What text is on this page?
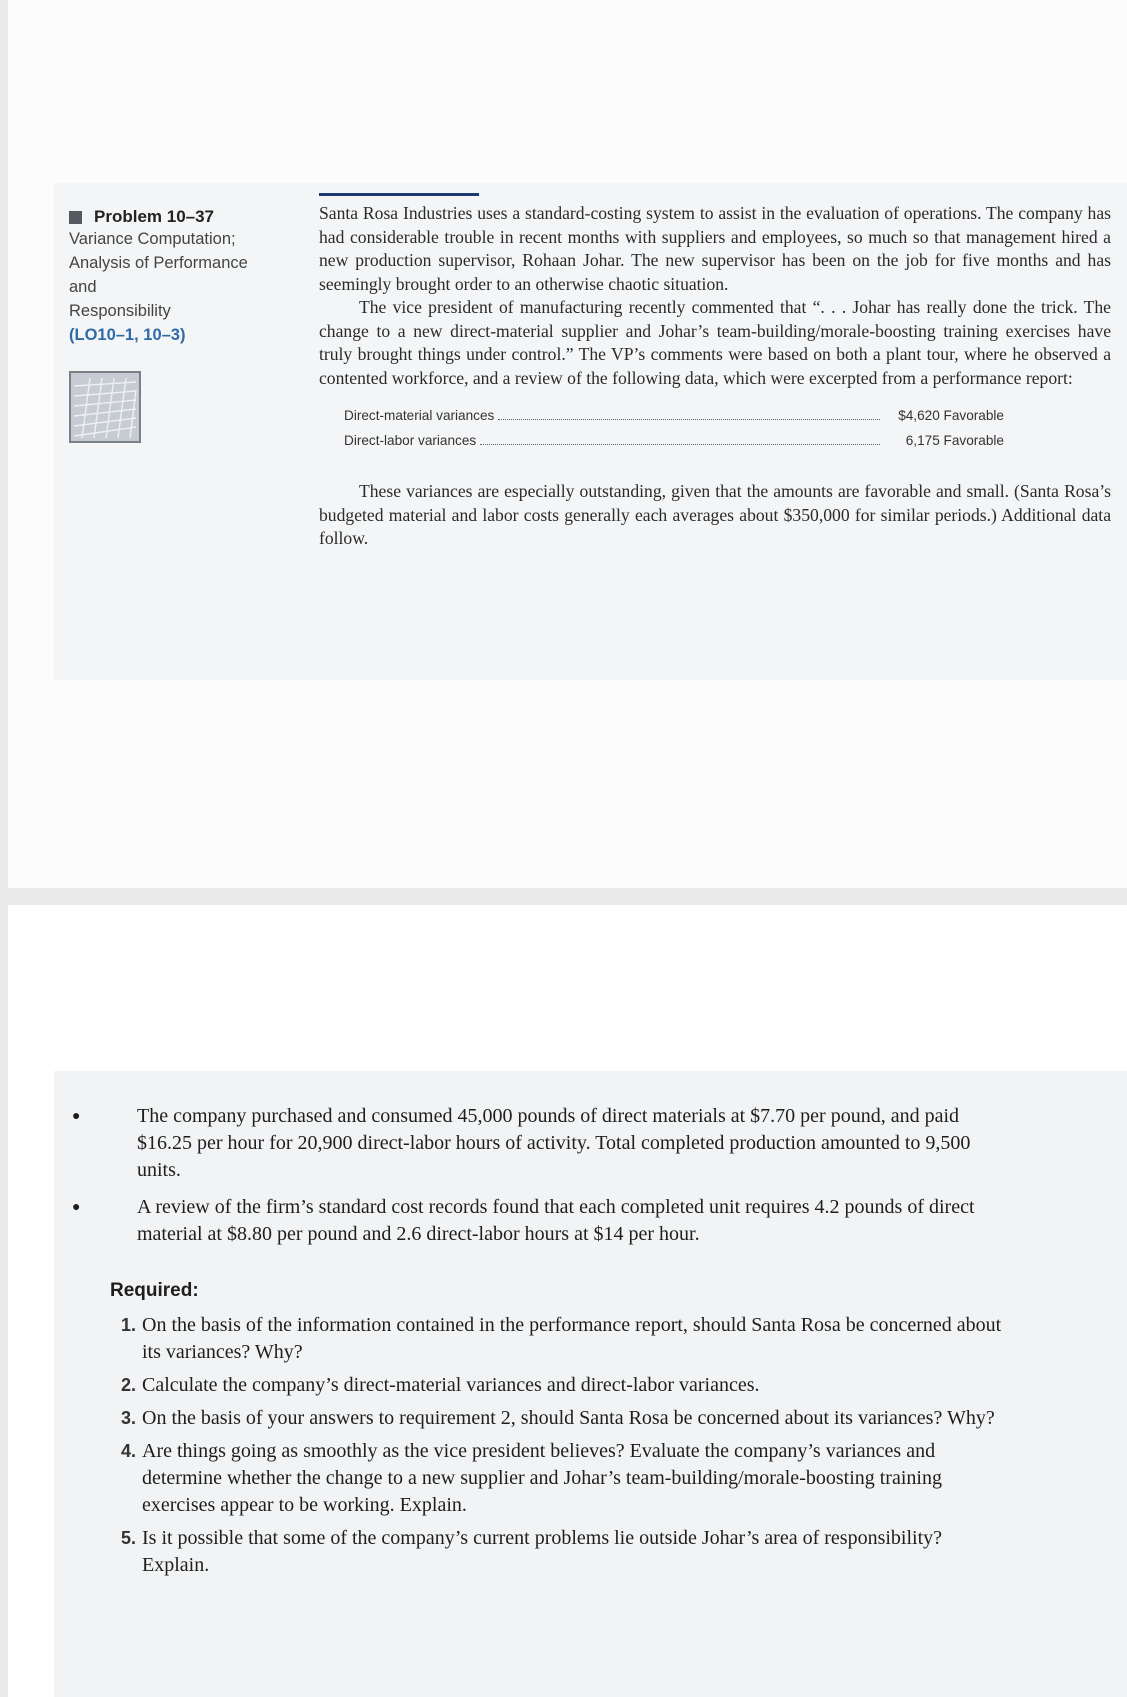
Problem 10–37
Variance Computation;
Analysis of Performance and
Responsibility
(LO10–1, 10–3)

Santa Rosa Industries uses a standard-costing system to assist in the evaluation of operations. The company has had considerable trouble in recent months with suppliers and employees, so much so that management hired a new production supervisor, Rohaan Johar. The new supervisor has been on the job for five months and has seemingly brought order to an otherwise chaotic situation.

The vice president of manufacturing recently commented that “. . . Johar has really done the trick. The change to a new direct-material supplier and Johar’s team-building/morale-boosting training exercises have truly brought things under control.” The VP’s comments were based on both a plant tour, where he observed a contented workforce, and a review of the following data, which were excerpted from a performance report:

Direct-material variances	$4,620 Favorable
Direct-labor variances	6,175 Favorable

These variances are especially outstanding, given that the amounts are favorable and small. (Santa Rosa’s budgeted material and labor costs generally each averages about $350,000 for similar periods.) Additional data follow.

●	The company purchased and consumed 45,000 pounds of direct materials at $7.70 per pound, and paid $16.25 per hour for 20,900 direct-labor hours of activity. Total completed production amounted to 9,500 units.
●	A review of the firm’s standard cost records found that each completed unit requires 4.2 pounds of direct material at $8.80 per pound and 2.6 direct-labor hours at $14 per hour.
Required:
1. On the basis of the information contained in the performance report, should Santa Rosa be concerned about its variances? Why?
2. Calculate the company’s direct-material variances and direct-labor variances.
3. On the basis of your answers to requirement 2, should Santa Rosa be concerned about its variances? Why?
4. Are things going as smoothly as the vice president believes? Evaluate the company’s variances and determine whether the change to a new supplier and Johar’s team-building/morale-boosting training exercises appear to be working. Explain.
5. Is it possible that some of the company’s current problems lie outside Johar’s area of responsibility? Explain.
